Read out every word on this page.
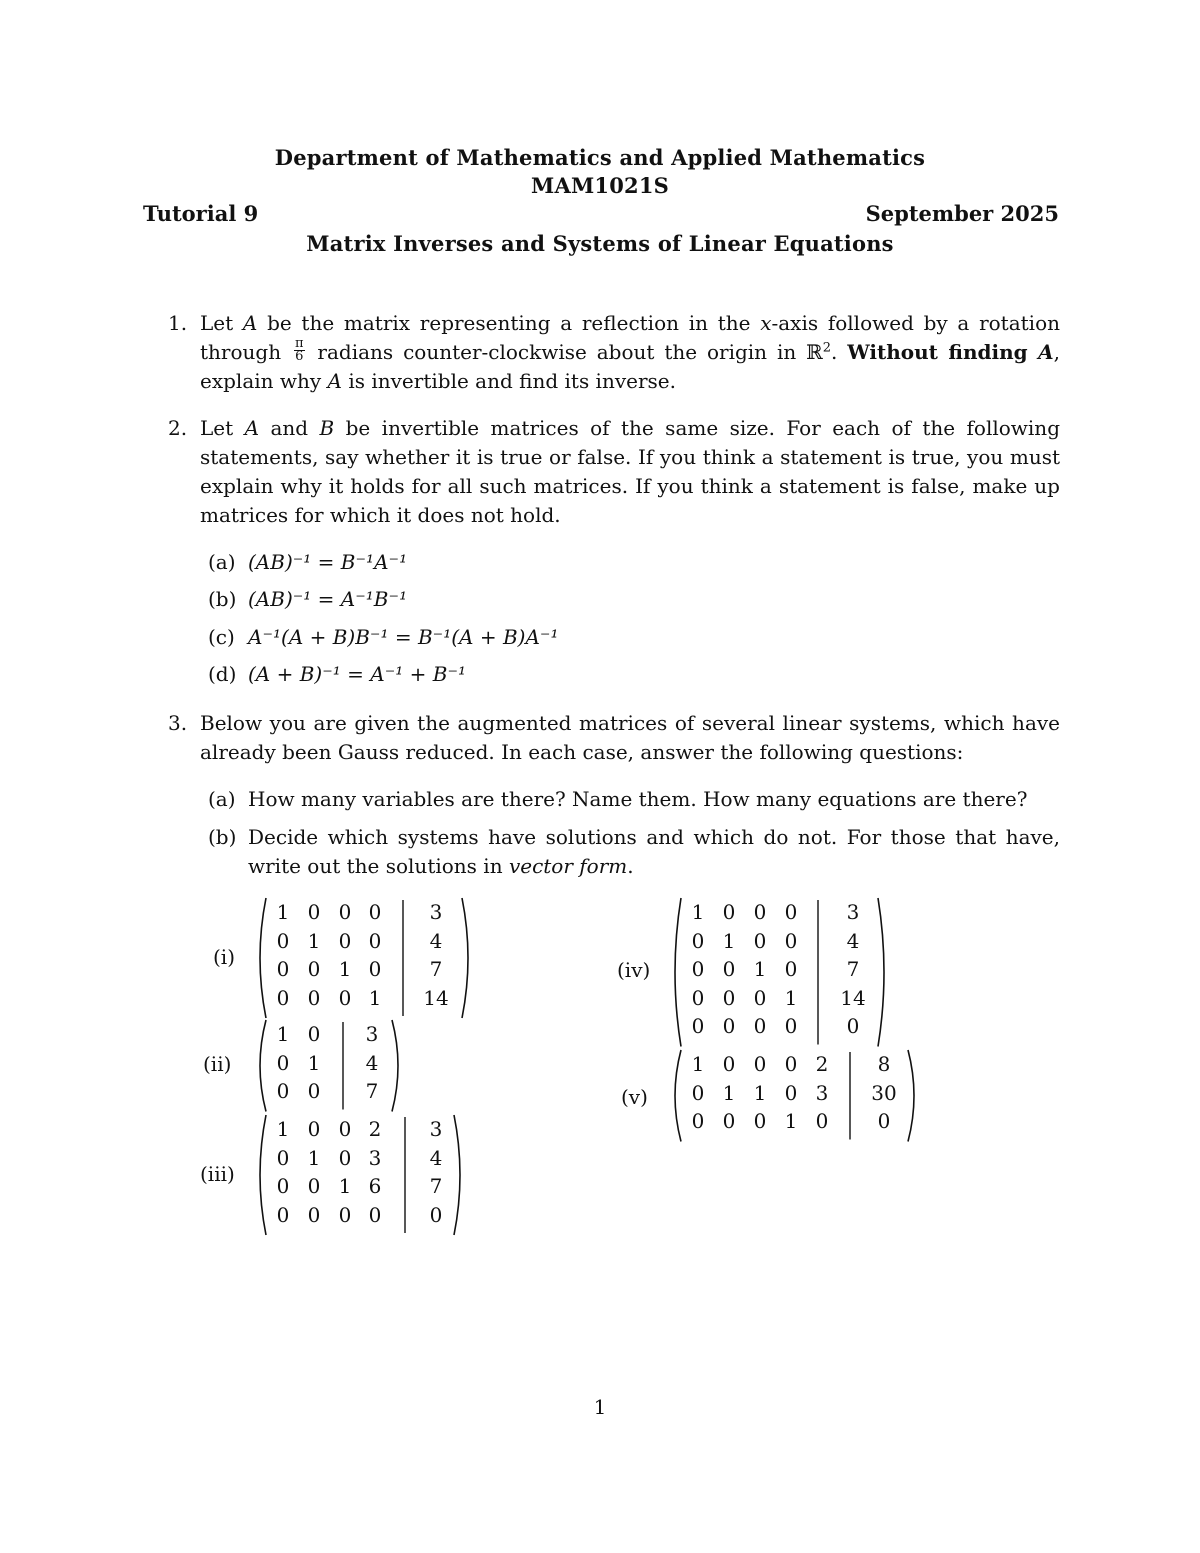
Department of Mathematics and Applied Mathematics
MAM1021S
Tutorial 9	September 2025
Matrix Inverses and Systems of Linear Equations
1. Let A be the matrix representing a reflection in the x-axis followed by a rotation through $\frac{\pi}{6}$ radians counter-clockwise about the origin in ℝ$^2$. Without finding A, explain why A is invertible and find its inverse.
2. Let A and B be invertible matrices of the same size. For each of the following statements, say whether it is true or false. If you think a statement is true, you must explain why it holds for all such matrices. If you think a statement is false, make up matrices for which it does not hold.
(a) (AB)⁻¹ = B⁻¹A⁻¹
(b) (AB)⁻¹ = A⁻¹B⁻¹
(c) A⁻¹(A + B)B⁻¹ = B⁻¹(A + B)A⁻¹
(d) (A + B)⁻¹ = A⁻¹ + B⁻¹
3. Below you are given the augmented matrices of several linear systems, which have already been Gauss reduced. In each case, answer the following questions:
(a) How many variables are there? Name them. How many equations are there?
(b) Decide which systems have solutions and which do not. For those that have, write out the solutions in vector form.
(i)
1 0 0 0	3
0 1 0 0	4
0 0 1 0	7
0 0 0 1 14
(ii)
1 0	3
0 1	4
0 0	7
(iii)
1 0 0 2	3
0 1 0 3	4
0 0 1 6	7
0 0 0 0	0
(iv)
1 0 0 0	3
0 1 0 0	4
0 0 1 0	7
0 0 0 1 14
0 0 0 0	0
(v)
1 0 0 0 2	8
0 1 1 0 3 30
0 0 0 1 0	0
1
